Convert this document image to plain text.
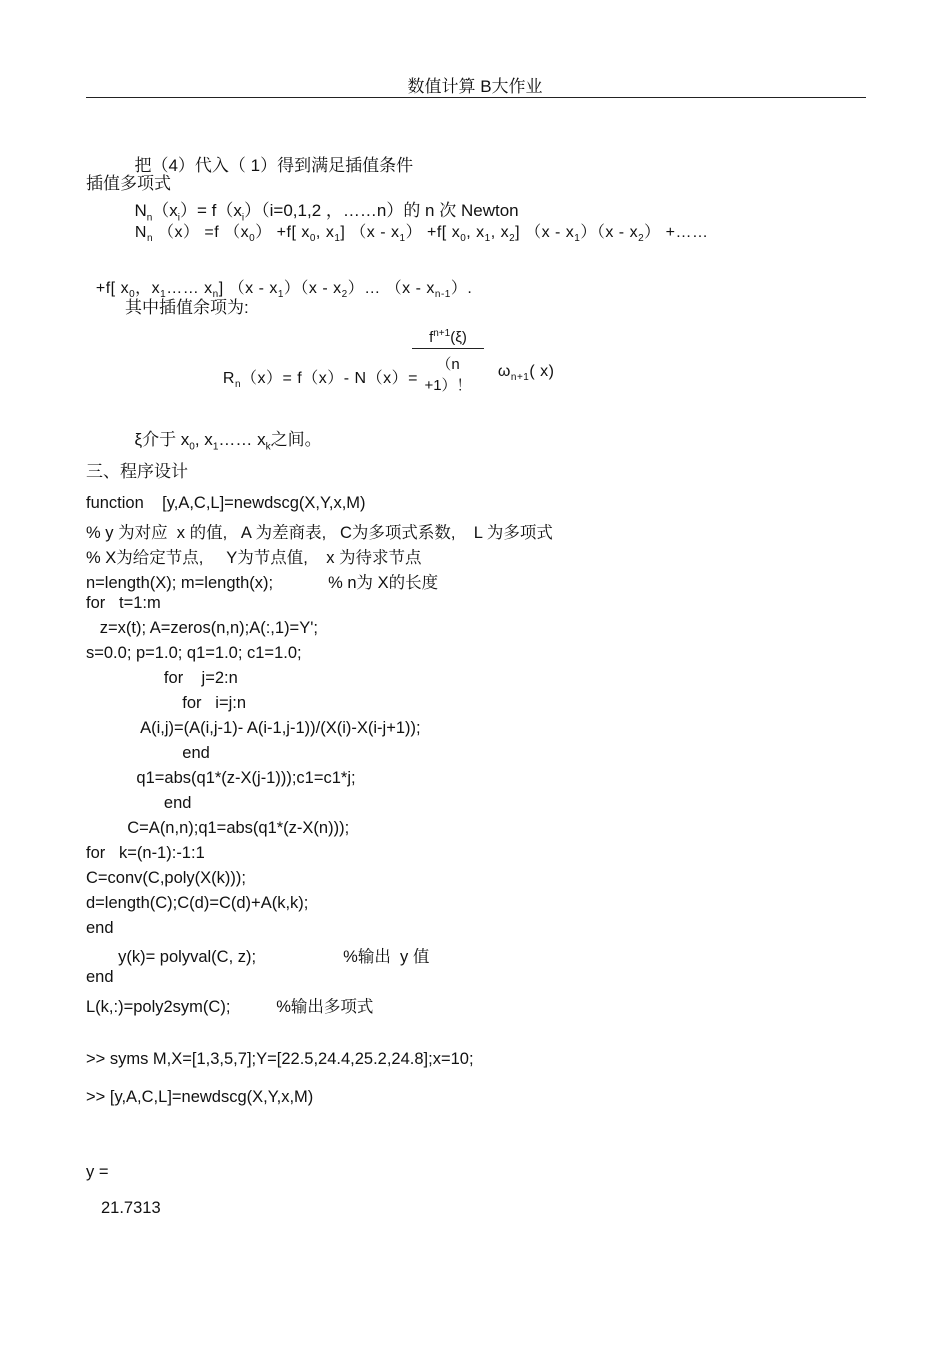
数值计算 B大作业

把（4）代入（ 1）得到满足插值条件

$N_n(x_i)= f(x_i)(i=0,1,2$ ，……n）的 n 次 Newton

插值多项式

$N_n$ （x） =f $(x_0) +f$[ $x_0$, $x_1$] $(x - x_1) +f$[ $x_0$, $x_1$, $x_2$] $(x - x_1)(x - x_2)$ +……

+f[ $x_0$，$x_1\dots\dots$ $x_n$] $(x - x_1)(x$ - $x_2)\dots$ $(x - x_{n-1})$.

其中插值余项为:

$R_n(x)= f(x)-$ N（x）=

$\frac{f^{n+1}(\xi)}{(n +1)!} \omega_{n+1}$( x)

ξ介于 $x_0$, $x_1\dots\dots$ $x_k$之间。

三、程序设计
function    [y,A,C,L]=newdscg(X,Y,x,M)
% y 为对应  x 的值,   A 为差商表,   C为多项式系数,    L 为多项式
% X为给定节点,     Y为节点值,    x 为待求节点
n=length(X); m=length(x);            % n为 X的长度
for   t=1:m
z=x(t); A=zeros(n,n);A(:,1)=Y';
s=0.0; p=1.0; q1=1.0; c1=1.0;
for    j=2:n
for   i=j:n
A(i,j)=(A(i,j-1)- A(i-1,j-1))/(X(i)-X(i-j+1));
end
q1=abs(q1*(z-X(j-1)));c1=c1*j;
end
C=A(n,n);q1=abs(q1*(z-X(n)));
for   k=(n-1):-1:1
C=conv(C,poly(X(k)));
d=length(C);C(d)=C(d)+A(k,k);
end
y(k)= polyval(C, z);                   %输出  y 值
end
L(k,:)=poly2sym(C);          %输出多项式
>> syms M,X=[1,3,5,7];Y=[22.5,24.4,25.2,24.8];x=10;
>> [y,A,C,L]=newdscg(X,Y,x,M)
y =
21.7313
